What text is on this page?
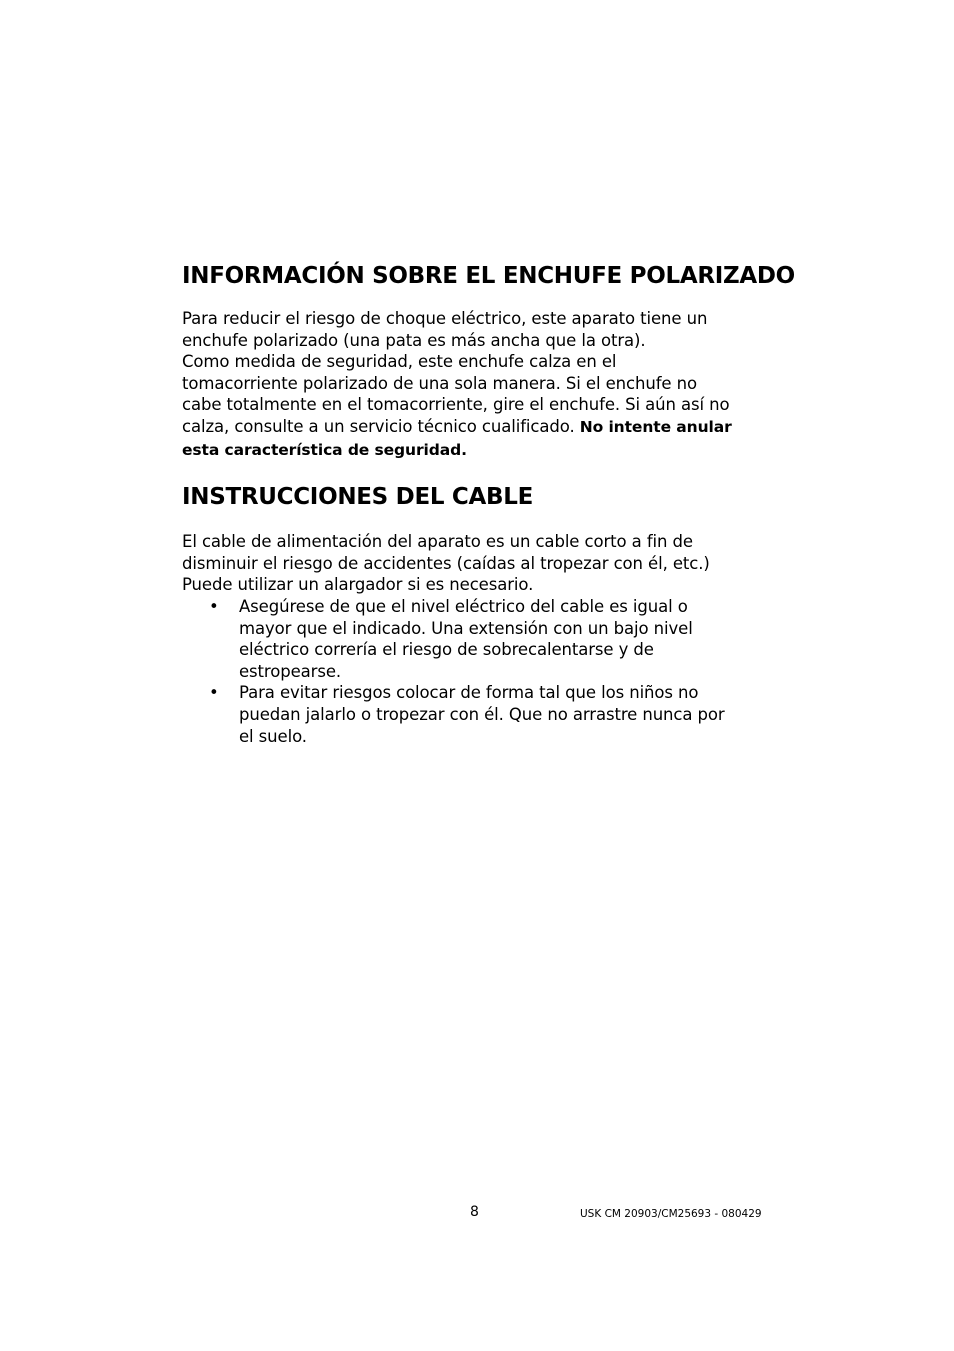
INFORMACIÓN SOBRE EL ENCHUFE POLARIZADO

Para reducir el riesgo de choque eléctrico, este aparato tiene un
enchufe polarizado (una pata es más ancha que la otra).
Como medida de seguridad, este enchufe calza en el
tomacorriente polarizado de una sola manera. Si el enchufe no
cabe totalmente en el tomacorriente, gire el enchufe. Si aún así no
calza, consulte a un servicio técnico cualificado. No intente anular
esta característica de seguridad.

INSTRUCCIONES DEL CABLE

El cable de alimentación del aparato es un cable corto a fin de
disminuir el riesgo de accidentes (caídas al tropezar con él, etc.)
Puede utilizar un alargador si es necesario.

• Asegúrese de que el nivel eléctrico del cable es igual o
mayor que el indicado. Una extensión con un bajo nivel
eléctrico correría el riesgo de sobrecalentarse y de
estropearse.
• Para evitar riesgos colocar de forma tal que los niños no
puedan jalarlo o tropezar con él. Que no arrastre nunca por
el suelo.
8	USK CM 20903/CM25693 - 080429
